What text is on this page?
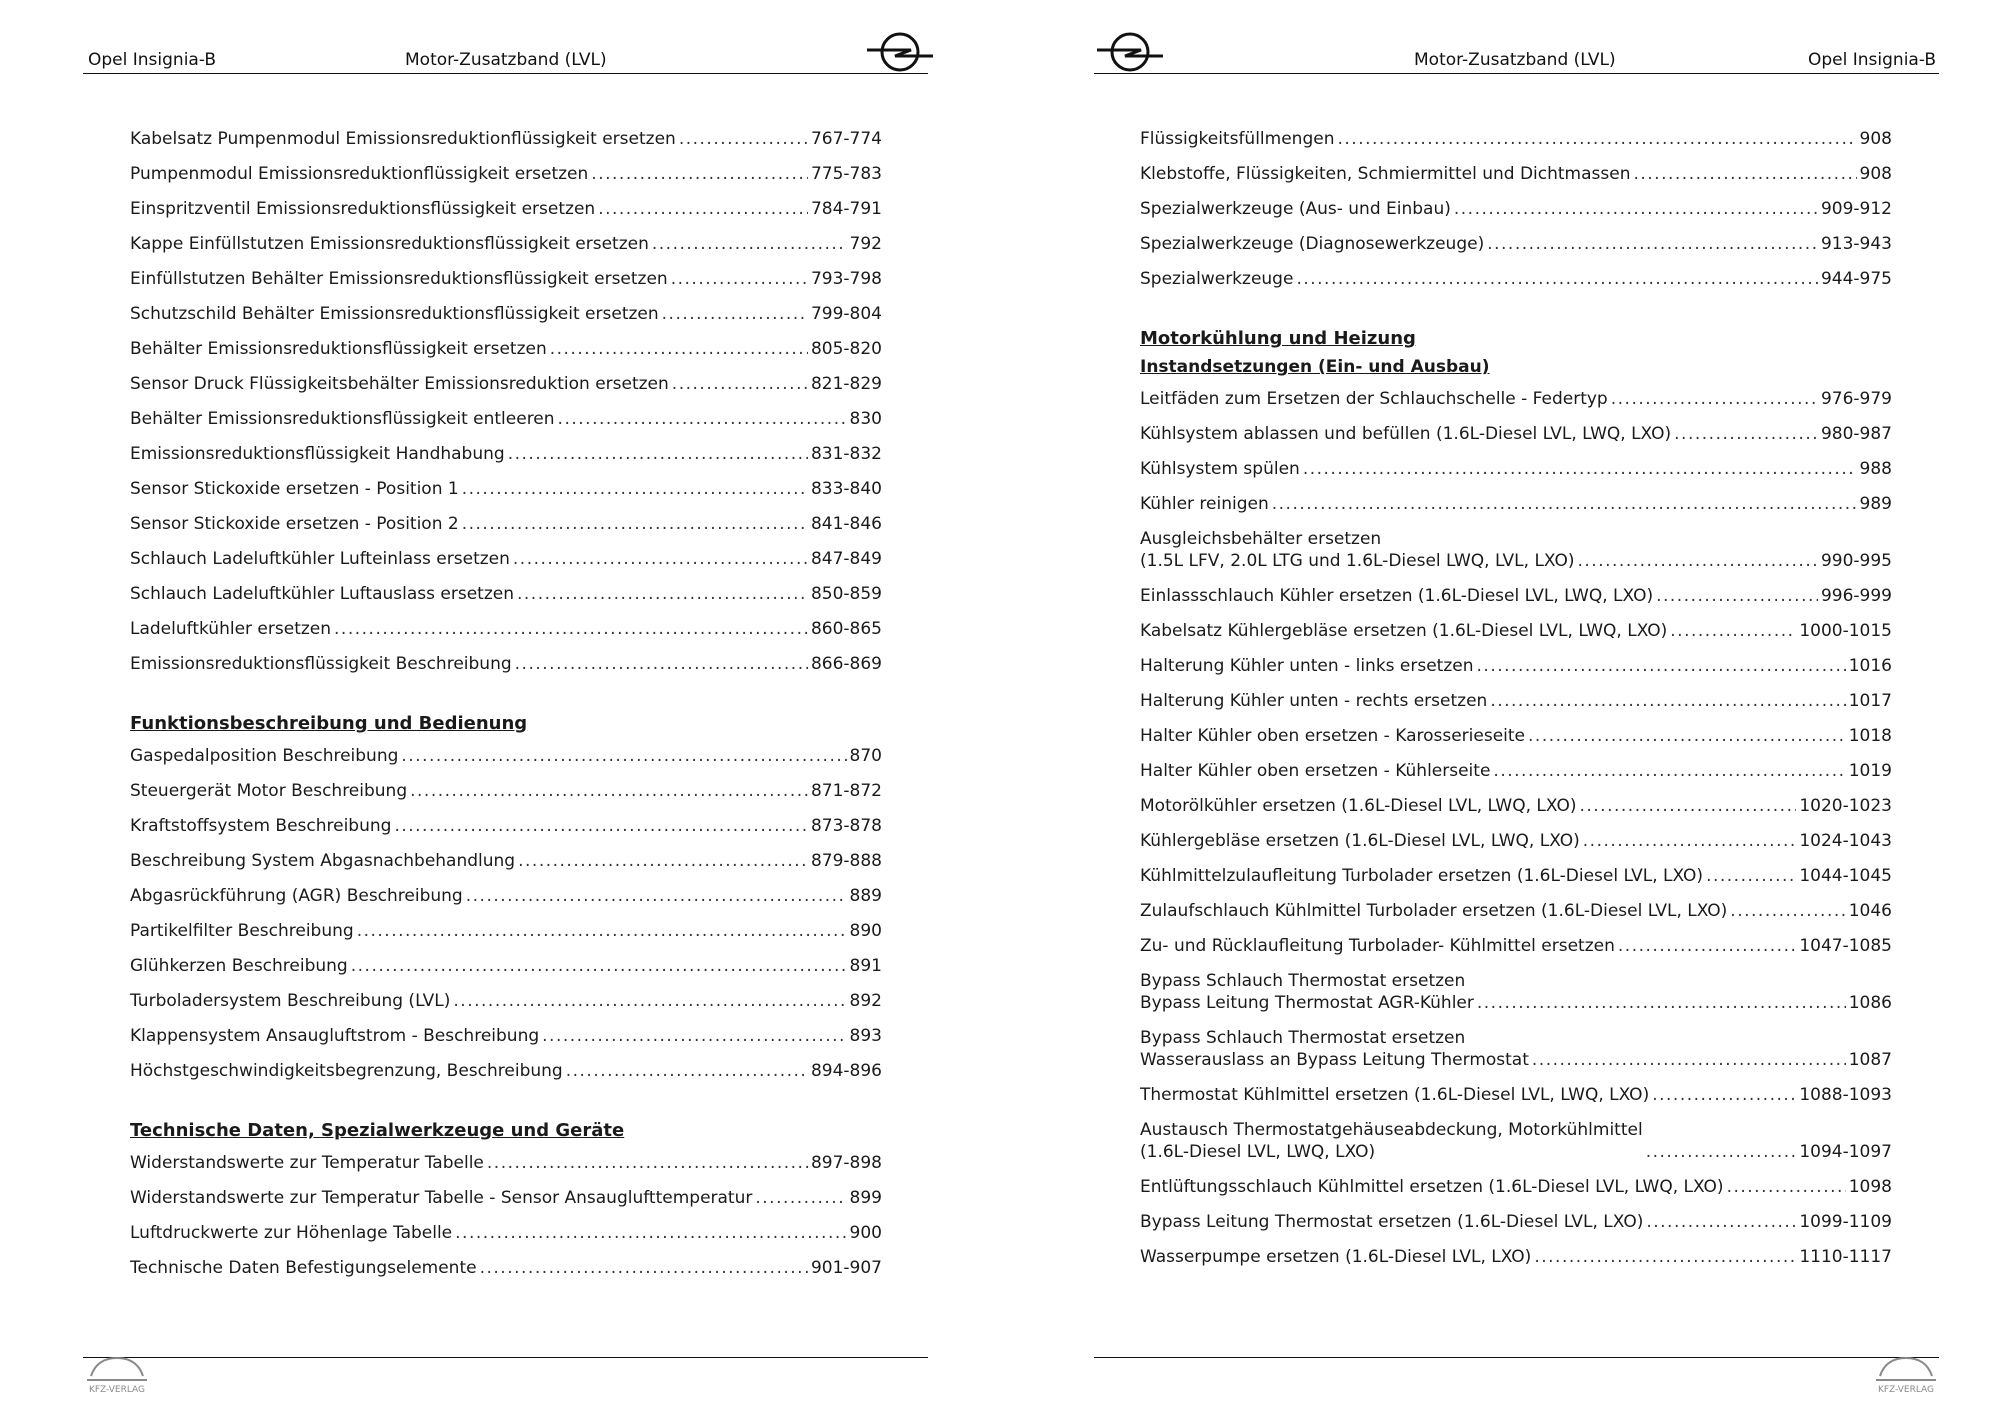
Opel Insignia-B	Motor-Zusatzband (LVL)
Kabelsatz Pumpenmodul Emissionsreduktionflüssigkeit ersetzen .....	767-774
Pumpenmodul Emissionsreduktionflüssigkeit ersetzen .....	775-783
Einspritzventil Emissionsreduktionsflüssigkeit ersetzen .....	784-791
Kappe Einfüllstutzen Emissionsreduktionsflüssigkeit ersetzen .....	792
Einfüllstutzen Behälter Emissionsreduktionsflüssigkeit ersetzen .....	793-798
Schutzschild Behälter Emissionsreduktionsflüssigkeit ersetzen .....	799-804
Behälter Emissionsreduktionsflüssigkeit ersetzen .....	805-820
Sensor Druck Flüssigkeitsbehälter Emissionsreduktion ersetzen .....	821-829
Behälter Emissionsreduktionsflüssigkeit entleeren .....	830
Emissionsreduktionsflüssigkeit Handhabung .....	831-832
Sensor Stickoxide ersetzen - Position 1 .....	833-840
Sensor Stickoxide ersetzen - Position 2 .....	841-846
Schlauch Ladeluftkühler Lufteinlass ersetzen .....	847-849
Schlauch Ladeluftkühler Luftauslass ersetzen .....	850-859
Ladeluftkühler ersetzen .....	860-865
Emissionsreduktionsflüssigkeit Beschreibung .....	866-869
Funktionsbeschreibung und Bedienung
Gaspedalposition Beschreibung .....	870
Steuergerät Motor Beschreibung .....	871-872
Kraftstoffsystem Beschreibung .....	873-878
Beschreibung System Abgasnachbehandlung .....	879-888
Abgasrückführung (AGR) Beschreibung .....	889
Partikelfilter Beschreibung .....	890
Glühkerzen Beschreibung .....	891
Turboladersystem Beschreibung (LVL) .....	892
Klappensystem Ansaugluftstrom - Beschreibung .....	893
Höchstgeschwindigkeitsbegrenzung, Beschreibung .....	894-896
Technische Daten, Spezialwerkzeuge und Geräte
Widerstandswerte zur Temperatur Tabelle .....	897-898
Widerstandswerte zur Temperatur Tabelle - Sensor Ansauglufttemperatur .....	899
Luftdruckwerte zur Höhenlage Tabelle .....	900
Technische Daten Befestigungselemente .....	901-907
KFZ-VERLAG
Motor-Zusatzband (LVL)	Opel Insignia-B
Flüssigkeitsfüllmengen .....	908
Klebstoffe, Flüssigkeiten, Schmiermittel und Dichtmassen .....	908
Spezialwerkzeuge (Aus- und Einbau) .....	909-912
Spezialwerkzeuge (Diagnosewerkzeuge) .....	913-943
Spezialwerkzeuge .....	944-975
Motorkühlung und Heizung
Instandsetzungen (Ein- und Ausbau)
Leitfäden zum Ersetzen der Schlauchschelle - Federtyp .....	976-979
Kühlsystem ablassen und befüllen (1.6L-Diesel LVL, LWQ, LXO) .....	980-987
Kühlsystem spülen .....	988
Kühler reinigen .....	989
Ausgleichsbehälter ersetzen
(1.5L LFV, 2.0L LTG und 1.6L-Diesel LWQ, LVL, LXO) .....	990-995
Einlassschlauch Kühler ersetzen (1.6L-Diesel LVL, LWQ, LXO) .....	996-999
Kabelsatz Kühlergebläse ersetzen (1.6L-Diesel LVL, LWQ, LXO) .....	1000-1015
Halterung Kühler unten - links ersetzen .....	1016
Halterung Kühler unten - rechts ersetzen .....	1017
Halter Kühler oben ersetzen - Karosserieseite .....	1018
Halter Kühler oben ersetzen - Kühlerseite .....	1019
Motorölkühler ersetzen (1.6L-Diesel LVL, LWQ, LXO) .....	1020-1023
Kühlergebläse ersetzen (1.6L-Diesel LVL, LWQ, LXO) .....	1024-1043
Kühlmittelzulaufleitung Turbolader ersetzen (1.6L-Diesel LVL, LXO) .....	1044-1045
Zulaufschlauch Kühlmittel Turbolader ersetzen (1.6L-Diesel LVL, LXO) .....	1046
Zu- und Rücklaufleitung Turbolader- Kühlmittel ersetzen .....	1047-1085
Bypass Schlauch Thermostat ersetzen
Bypass Leitung Thermostat AGR-Kühler .....	1086
Bypass Schlauch Thermostat ersetzen
Wasserauslass an Bypass Leitung Thermostat .....	1087
Thermostat Kühlmittel ersetzen (1.6L-Diesel LVL, LWQ, LXO) .....	1088-1093
Austausch Thermostatgehäuseabdeckung, Motorkühlmittel
(1.6L-Diesel LVL, LWQ, LXO) .....	1094-1097
Entlüftungsschlauch Kühlmittel ersetzen (1.6L-Diesel LVL, LWQ, LXO) .....	1098
Bypass Leitung Thermostat ersetzen (1.6L-Diesel LVL, LXO) .....	1099-1109
Wasserpumpe ersetzen (1.6L-Diesel LVL, LXO) .....	1110-1117
KFZ-VERLAG
